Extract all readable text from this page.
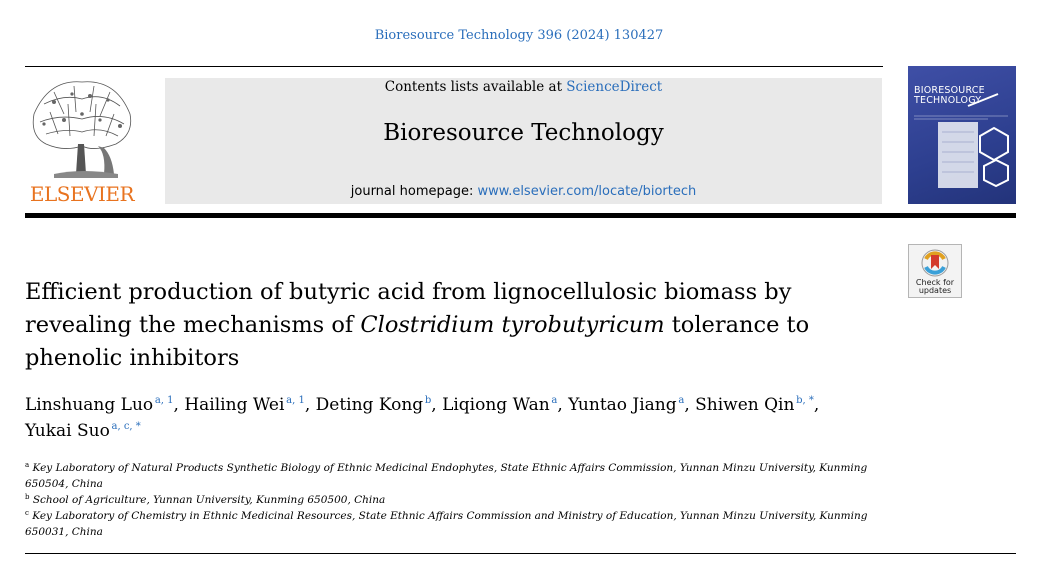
Bioresource Technology 396 (2024) 130427
ELSEVIER
Contents lists available at ScienceDirect
Bioresource Technology
journal homepage: www.elsevier.com/locate/biortech
BIORESOURCE
TECHNOLOGY
Check for
updates
Efficient production of butyric acid from lignocellulosic biomass by revealing the mechanisms of Clostridium tyrobutyricum tolerance to phenolic inhibitors
Linshuang Luo  $^{a, 1}$, Hailing Wei  $^{a, 1}$, Deting Kong  $^b$, Liqiong Wan  $^a$, Yuntao Jiang  $^a$, Shiwen Qin  $^{b, *}$,
Yukai Suo  $^{a, c, *}$
$^a$ Key Laboratory of Natural Products Synthetic Biology of Ethnic Medicinal Endophytes, State Ethnic Affairs Commission, Yunnan Minzu University, Kunming 650504, China
$^b$ School of Agriculture, Yunnan University, Kunming 650500, China
$^c$ Key Laboratory of Chemistry in Ethnic Medicinal Resources, State Ethnic Affairs Commission and Ministry of Education, Yunnan Minzu University, Kunming 650031, China
